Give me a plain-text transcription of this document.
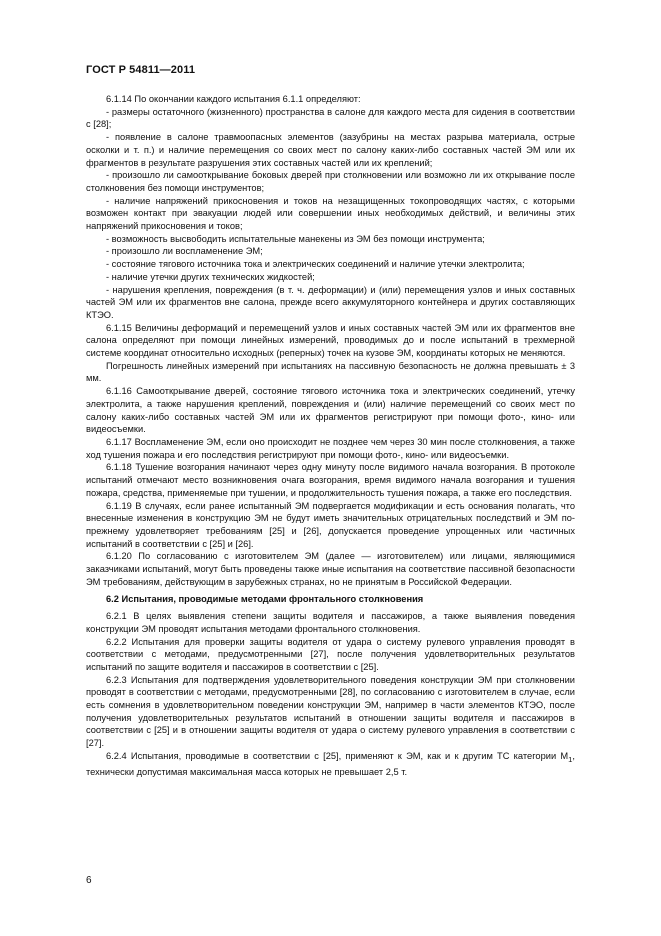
ГОСТ Р 54811—2011

6.1.14 По окончании каждого испытания 6.1.1 определяют:

- размеры остаточного (жизненного) пространства в салоне для каждого места для сидения в соответствии с [28];

- появление в салоне травмоопасных элементов (зазубрины на местах разрыва материала, острые осколки и т. п.) и наличие перемещения со своих мест по салону каких-либо составных частей ЭМ или их фрагментов в результате разрушения этих составных частей или их креплений;

- произошло ли самооткрывание боковых дверей при столкновении или возможно ли их открывание после столкновения без помощи инструментов;

- наличие напряжений прикосновения и токов на незащищенных токопроводящих частях, с которыми возможен контакт при эвакуации людей или совершении иных необходимых действий, и величины этих напряжений прикосновения и токов;

- возможность высвободить испытательные манекены из ЭМ без помощи инструмента;

- произошло ли воспламенение ЭМ;

- состояние тягового источника тока и электрических соединений и наличие утечки электролита;

- наличие утечки других технических жидкостей;

- нарушения крепления, повреждения (в т. ч. деформации) и (или) перемещения узлов и иных составных частей ЭМ или их фрагментов вне салона, прежде всего аккумуляторного контейнера и других составляющих КТЭО.

6.1.15 Величины деформаций и перемещений узлов и иных составных частей ЭМ или их фрагментов вне салона определяют при помощи линейных измерений, проводимых до и после испытаний в трехмерной системе координат относительно исходных (реперных) точек на кузове ЭМ, координаты которых не меняются.

Погрешность линейных измерений при испытаниях на пассивную безопасность не должна превышать ± 3 мм.

6.1.16 Самооткрывание дверей, состояние тягового источника тока и электрических соединений, утечку электролита, а также нарушения креплений, повреждения и (или) наличие перемещений со своих мест по салону каких-либо составных частей ЭМ или их фрагментов регистрируют при помощи фото-, кино- или видеосъемки.

6.1.17 Воспламенение ЭМ, если оно происходит не позднее чем через 30 мин после столкновения, а также ход тушения пожара и его последствия регистрируют при помощи фото-, кино- или видеосъемки.

6.1.18 Тушение возгорания начинают через одну минуту после видимого начала возгорания. В протоколе испытаний отмечают место возникновения очага возгорания, время видимого начала возгорания и тушения пожара, средства, применяемые при тушении, и продолжительность тушения пожара, а также его последствия.

6.1.19 В случаях, если ранее испытанный ЭМ подвергается модификации и есть основания полагать, что внесенные изменения в конструкцию ЭМ не будут иметь значительных отрицательных последствий и ЭМ по-прежнему удовлетворяет требованиям [25] и [26], допускается проведение упрощенных или частичных испытаний в соответствии с [25] и [26].

6.1.20 По согласованию с изготовителем ЭМ (далее — изготовителем) или лицами, являющимися заказчиками испытаний, могут быть проведены также иные испытания на соответствие пассивной безопасности ЭМ требованиям, действующим в зарубежных странах, но не принятым в Российской Федерации.

6.2 Испытания, проводимые методами фронтального столкновения

6.2.1 В целях выявления степени защиты водителя и пассажиров, а также выявления поведения конструкции ЭМ проводят испытания методами фронтального столкновения.

6.2.2 Испытания для проверки защиты водителя от удара о систему рулевого управления проводят в соответствии с методами, предусмотренными [27], после получения удовлетворительных результатов испытаний по защите водителя и пассажиров в соответствии с [25].

6.2.3 Испытания для подтверждения удовлетворительного поведения конструкции ЭМ при столкновении проводят в соответствии с методами, предусмотренными [28], по согласованию с изготовителем в случае, если есть сомнения в удовлетворительном поведении конструкции ЭМ, например в части элементов КТЭО, после получения удовлетворительных результатов испытаний в отношении защиты водителя и пассажиров в соответствии с [25] и в отношении защиты водителя от удара о систему рулевого управления в соответствии с [27].

6.2.4 Испытания, проводимые в соответствии с [25], применяют к ЭМ, как и к другим ТС категории $М_1$, технически допустимая максимальная масса которых не превышает 2,5 т.

6
